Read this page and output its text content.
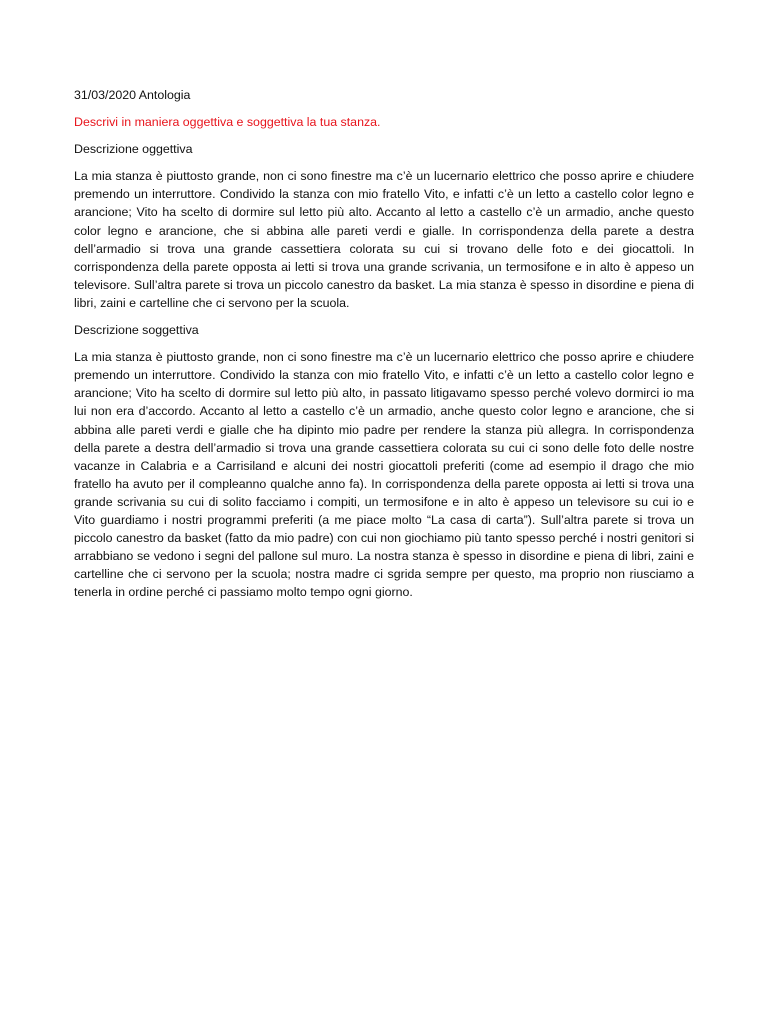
31/03/2020 Antologia

Descrivi in maniera oggettiva e soggettiva la tua stanza.

Descrizione oggettiva

La mia stanza è piuttosto grande, non ci sono finestre ma c’è un lucernario elettrico che posso aprire e chiudere premendo un interruttore. Condivido la stanza con mio fratello Vito, e infatti c’è un letto a castello color legno e arancione; Vito ha scelto di dormire sul letto più alto. Accanto al letto a castello c’è un armadio, anche questo color legno e arancione, che si abbina alle pareti verdi e gialle. In corrispondenza della parete a destra dell’armadio si trova una grande cassettiera colorata su cui si trovano delle foto e dei giocattoli. In corrispondenza della parete opposta ai letti si trova una grande scrivania, un termosifone e in alto è appeso un televisore. Sull’altra parete si trova un piccolo canestro da basket. La mia stanza è spesso in disordine e piena di libri, zaini e cartelline che ci servono per la scuola.

Descrizione soggettiva

La mia stanza è piuttosto grande, non ci sono finestre ma c’è un lucernario elettrico che posso aprire e chiudere premendo un interruttore. Condivido la stanza con mio fratello Vito, e infatti c’è un letto a castello color legno e arancione; Vito ha scelto di dormire sul letto più alto, in passato litigavamo spesso perché volevo dormirci io ma lui non era d’accordo. Accanto al letto a castello c’è un armadio, anche questo color legno e arancione, che si abbina alle pareti verdi e gialle che ha dipinto mio padre per rendere la stanza più allegra. In corrispondenza della parete a destra dell’armadio si trova una grande cassettiera colorata su cui ci sono delle foto delle nostre vacanze in Calabria e a Carrisiland e alcuni dei nostri giocattoli preferiti (come ad esempio il drago che mio fratello ha avuto per il compleanno qualche anno fa). In corrispondenza della parete opposta ai letti si trova una grande scrivania su cui di solito facciamo i compiti, un termosifone e in alto è appeso un televisore su cui io e Vito guardiamo i nostri programmi preferiti (a me piace molto “La casa di carta”). Sull’altra parete si trova un piccolo canestro da basket (fatto da mio padre) con cui non giochiamo più tanto spesso perché i nostri genitori si arrabbiano se vedono i segni del pallone sul muro. La nostra stanza è spesso in disordine e piena di libri, zaini e cartelline che ci servono per la scuola; nostra madre ci sgrida sempre per questo, ma proprio non riusciamo a tenerla in ordine perché ci passiamo molto tempo ogni giorno.
